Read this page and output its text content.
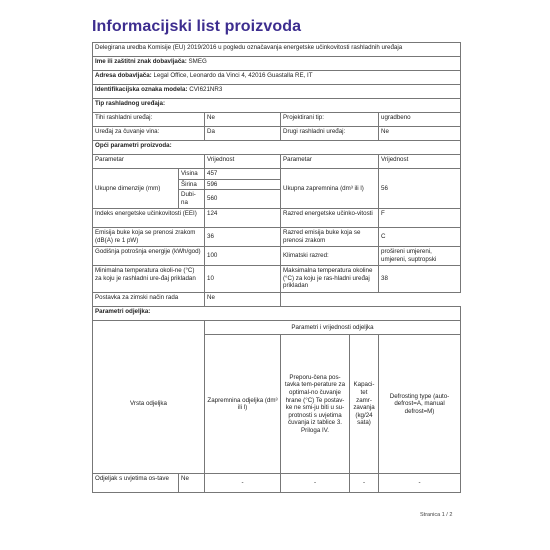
Informacijski list proizvoda
Delegirana uredba Komisije (EU) 2019/2016 u pogledu označavanja energetske učinkovitosti rashladnih uređaja					
Ime ili zaštitni znak dobavljača: SMEG					
Adresa dobavljača: Legal Office, Leonardo da Vinci 4, 42016 Guastalla RE, IT					
Identifikacijska oznaka modela: CVI621NR3					
Tip rashladnog uređaja:					
Tihi rashladni uređaj:		Ne	Projektirani tip:		ugradbeno
Uređaj za čuvanje vina:		Da	Drugi rashladni uređaj:		Ne
Opći parametri proizvoda:					
Parametar		Vrijednost	Parametar		Vrijednost
Ukupne dimenzije (mm)	Visina	457	Ukupna zapremnina (dm³ ili l)		56
	Širina	596			
	Dubi-na	560			
Indeks energetske učinkovitosti (EEI)		124	Razred energetske učinko-vitosti		F
Emisija buke koja se prenosi zrakom (dB(A) re 1 pW)		36	Razred emisija buke koja se prenosi zrakom		C
Godišnja potrošnja energije (kWh/god)		100	Klimatski razred:		prošireni umjereni, umjereni, suptropski
Minimalna temperatura okoli-ne (°C) za koju je rashladni ure-đaj prikladan		10	Maksimalna temperatura okoline (°C) za koju je ras-hladni uređaj prikladan		38
Postavka za zimski način rada		Ne			
Parametri odjeljka:					
		Parametri i vrijednosti odjeljka			
Vrsta odjeljka		Zapremnina odjeljka (dm³ ili l)	Preporu-čena pos-tavka tem-perature za optimal-no čuvanje hrane (°C) Te postav-ke ne smi-ju biti u su-protnosti s uvjetima čuvanja iz tablice 3. Priloga IV.	Kapaci-tet zamr-zavanja (kg/24 sata)	Defrosting type (auto-defrost=A, manual defrost=M)
Odjeljak s uvjetima os-tave	Ne	-	-	-	-
Stranica 1 / 2
